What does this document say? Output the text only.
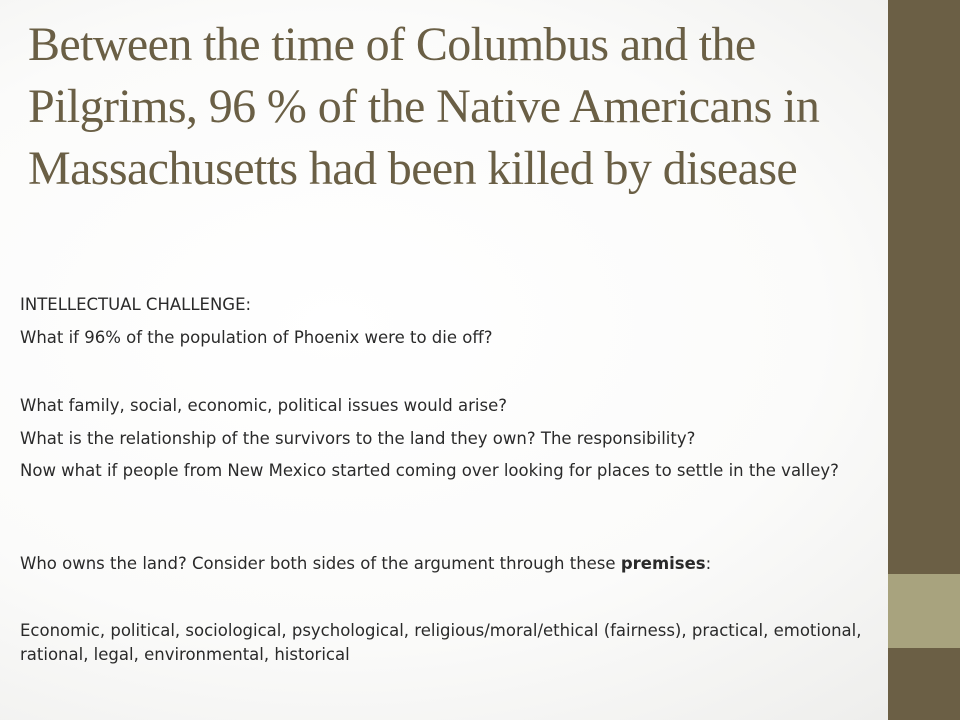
Between the time of Columbus and the Pilgrims, 96 % of the Native Americans in Massachusetts had been killed by disease
INTELLECTUAL CHALLENGE:
What if 96% of the population of Phoenix were to die off?
What family, social, economic, political issues would arise?
What is the relationship of the survivors to the land they own? The responsibility?
Now what if people from New Mexico started coming over looking for places to settle in the valley?
Who owns the land? Consider both sides of the argument through these premises:
Economic, political, sociological, psychological, religious/moral/ethical (fairness), practical, emotional, rational, legal, environmental, historical
